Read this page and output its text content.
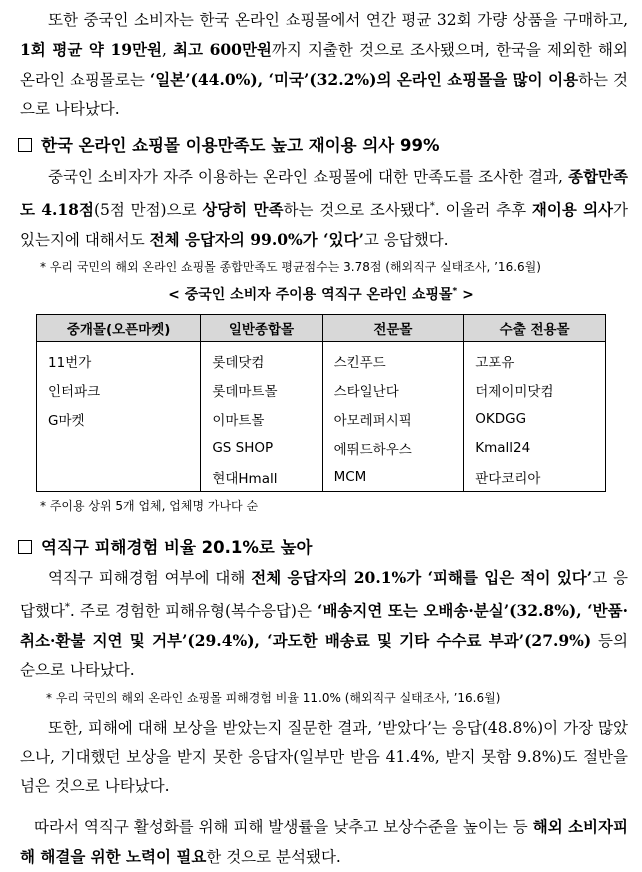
또한 중국인 소비자는 한국 온라인 쇼핑몰에서 연간 평균 32회 가량 상품을 구매하고, 1회 평균 약 19만원, 최고 600만원까지 지출한 것으로 조사됐으며, 한국을 제외한 해외 온라인 쇼핑몰로는 ‘일본’(44.0%), ‘미국’(32.2%)의 온라인 쇼핑몰을 많이 이용하는 것으로 나타났다.

한국 온라인 쇼핑몰 이용만족도 높고 재이용 의사 99%

중국인 소비자가 자주 이용하는 온라인 쇼핑몰에 대한 만족도를 조사한 결과, 종합만족도 4.18점(5점 만점)으로 상당히 만족하는 것으로 조사됐다*. 이울러 추후 재이용 의사가 있는지에 대해서도 전체 응답자의 99.0%가 ‘있다’고 응답했다.

* 우리 국민의 해외 온라인 쇼핑몰 종합만족도 평균점수는 3.78점 (해외직구 실태조사, ’16.6월)

< 중국인 소비자 주이용 역직구 온라인 쇼핑몰* >

중개몰(오픈마켓)	일반종합몰	전문몰	수출 전용몰
11번가	롯데닷컴	스킨푸드	고포유
인터파크	롯데마트몰	스타일난다	더제이미닷컴
G마켓	이마트몰	아모레퍼시픽	OKDGG
	GS SHOP	에뛰드하우스	Kmall24
	현대Hmall	MCM	판다코리아

* 주이용 상위 5개 업체, 업체명 가나다 순

역직구 피해경험 비율 20.1%로 높아

역직구 피해경험 여부에 대해 전체 응답자의 20.1%가 ‘피해를 입은 적이 있다’고 응답했다*. 주로 경험한 피해유형(복수응답)은 ‘배송지연 또는 오배송·분실’(32.8%), ‘반품·취소·환불 지연 및 거부’(29.4%), ‘과도한 배송료 및 기타 수수료 부과’(27.9%) 등의 순으로 나타났다.

* 우리 국민의 해외 온라인 쇼핑몰 피해경험 비율 11.0% (해외직구 실태조사, ’16.6월)

또한, 피해에 대해 보상을 받았는지 질문한 결과, ’받았다’는 응답(48.8%)이 가장 많았으나, 기대했던 보상을 받지 못한 응답자(일부만 받음 41.4%, 받지 못함 9.8%)도 절반을 넘은 것으로 나타났다.

따라서 역직구 활성화를 위해 피해 발생률을 낮추고 보상수준을 높이는 등 해외 소비자피해 해결을 위한 노력이 필요한 것으로 분석됐다.
